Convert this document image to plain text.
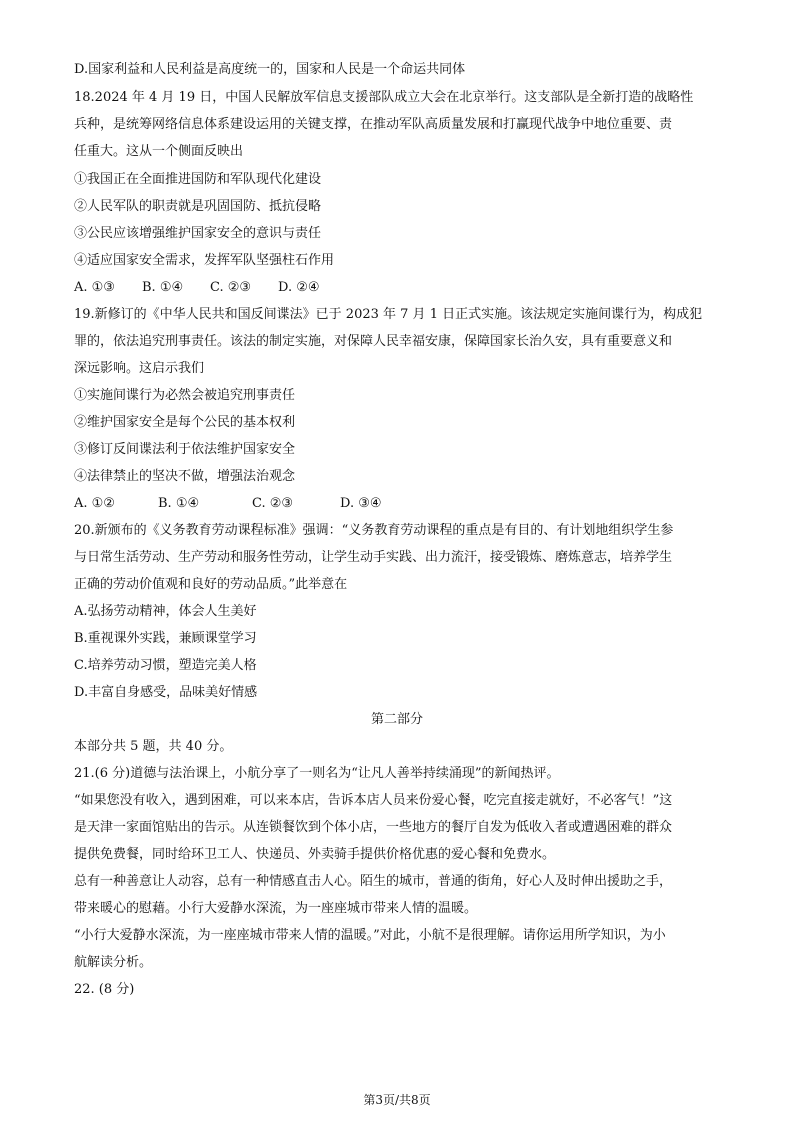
D.国家利益和人民利益是高度统一的，国家和人民是一个命运共同体
18.2024 年 4 月 19 日，中国人民解放军信息支援部队成立大会在北京举行。这支部队是全新打造的战略性
兵种，是统筹网络信息体系建设运用的关键支撑，在推动军队高质量发展和打赢现代战争中地位重要、责
任重大。这从一个侧面反映出
①我国正在全面推进国防和军队现代化建设
②人民军队的职责就是巩固国防、抵抗侵略
③公民应该增强维护国家安全的意识与责任
④适应国家安全需求，发挥军队坚强柱石作用
A. ①③ B. ①④ C. ②③ D. ②④
19.新修订的《中华人民共和国反间谍法》已于 2023 年 7 月 1 日正式实施。该法规定实施间谍行为，构成犯
罪的，依法追究刑事责任。该法的制定实施，对保障人民幸福安康，保障国家长治久安，具有重要意义和
深远影响。这启示我们
①实施间谍行为必然会被追究刑事责任
②维护国家安全是每个公民的基本权利
③修订反间谍法利于依法维护国家安全
④法律禁止的坚决不做，增强法治观念
A. ①②	B. ①④	C. ②③	D. ③④
20.新颁布的《义务教育劳动课程标准》强调：“义务教育劳动课程的重点是有目的、有计划地组织学生参
与日常生活劳动、生产劳动和服务性劳动，让学生动手实践、出力流汗，接受锻炼、磨炼意志，培养学生
正确的劳动价值观和良好的劳动品质。”此举意在
A.弘扬劳动精神，体会人生美好
B.重视课外实践，兼顾课堂学习
C.培养劳动习惯，塑造完美人格
D.丰富自身感受，品味美好情感
第二部分
本部分共 5 题，共 40 分。
21.(6 分)道德与法治课上，小航分享了一则名为“让凡人善举持续涌现”的新闻热评。
“如果您没有收入，遇到困难，可以来本店，告诉本店人员来份爱心餐，吃完直接走就好，不必客气！”这
是天津一家面馆贴出的告示。从连锁餐饮到个体小店，一些地方的餐厅自发为低收入者或遭遇困难的群众
提供免费餐，同时给环卫工人、快递员、外卖骑手提供价格优惠的爱心餐和免费水。
总有一种善意让人动容，总有一种情感直击人心。陌生的城市，普通的街角，好心人及时伸出援助之手，
带来暖心的慰藉。小行大爱静水深流，为一座座城市带来人情的温暖。
“小行大爱静水深流，为一座座城市带来人情的温暖。”对此，小航不是很理解。请你运用所学知识，为小
航解读分析。
22. (8 分)
第3页/共8页
